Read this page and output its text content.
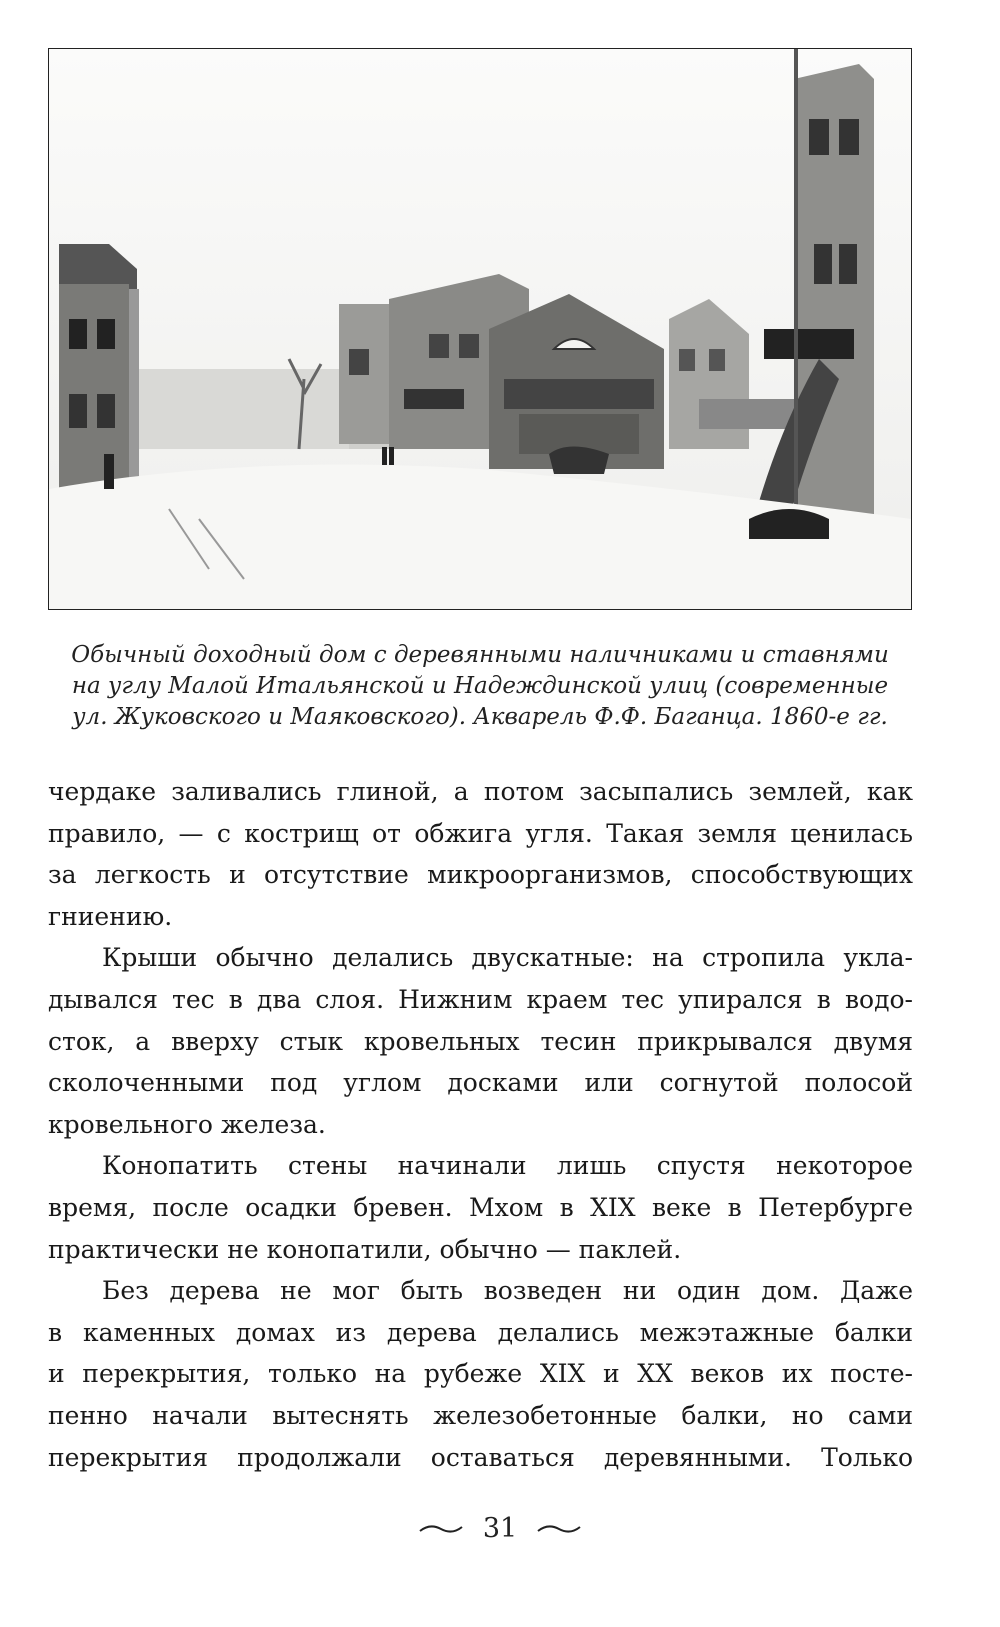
Обычный доходный дом с деревянными наличниками и ставнями
на углу Малой Итальянской и Надеждинской улиц (современные
ул. Жуковского и Маяковского). Акварель Ф.Ф. Баганца. 1860-е гг.
чердаке заливались глиной, а потом засыпались землей, как
правило, — с кострищ от обжига угля. Такая земля ценилась
за легкость и отсутствие микроорганизмов, способствующих
гниению.
Крыши обычно делались двускатные: на стропила укла-
дывался тес в два слоя. Нижним краем тес упирался в водо-
сток, а вверху стык кровельных тесин прикрывался двумя
сколоченными под углом досками или согнутой полосой
кровельного железа.
Конопатить стены начинали лишь спустя некоторое
время, после осадки бревен. Мхом в XIX веке в Петербурге
практически не конопатили, обычно — паклей.
Без дерева не мог быть возведен ни один дом. Даже
в каменных домах из дерева делались межэтажные балки
и перекрытия, только на рубеже XIX и XX веков их посте-
пенно начали вытеснять железобетонные балки, но сами
перекрытия продолжали оставаться деревянными. Только
31
